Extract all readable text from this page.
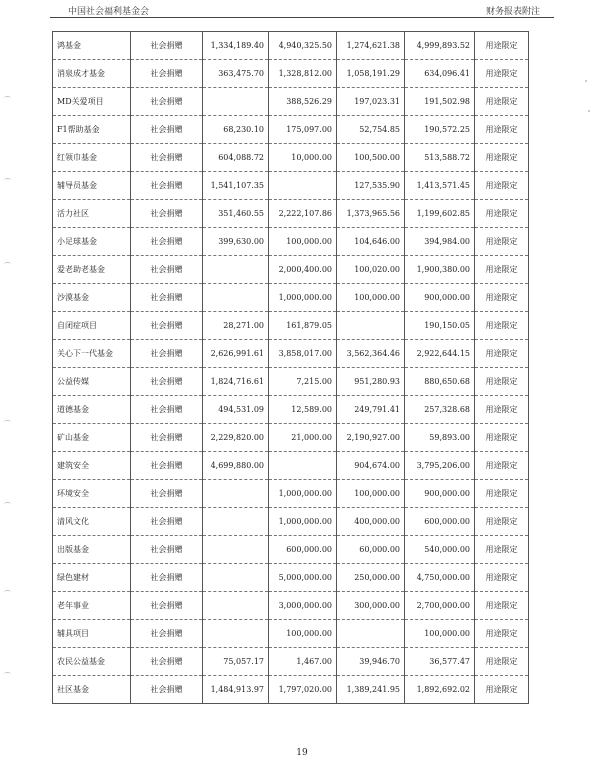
中国社会福利基金会	财务报表附注
鸿基金	社会捐赠	1,334,189.40	4,940,325.50	1,274,621.38	4,999,893.52	用途限定
消泉成才基金	社会捐赠	363,475.70	1,328,812.00	1,058,191.29	634,096.41	用途限定
MD关爱项目	社会捐赠		388,526.29	197,023.31	191,502.98	用途限定
F1帮助基金	社会捐赠	68,230.10	175,097.00	52,754.85	190,572.25	用途限定
红领巾基金	社会捐赠	604,088.72	10,000.00	100,500.00	513,588.72	用途限定
辅导员基金	社会捐赠	1,541,107.35		127,535.90	1,413,571.45	用途限定
活力社区	社会捐赠	351,460.55	2,222,107.86	1,373,965.56	1,199,602.85	用途限定
小足球基金	社会捐赠	399,630.00	100,000.00	104,646.00	394,984.00	用途限定
爱老助老基金	社会捐赠		2,000,400.00	100,020.00	1,900,380.00	用途限定
沙漠基金	社会捐赠		1,000,000.00	100,000.00	900,000.00	用途限定
自闭症项目	社会捐赠	28,271.00	161,879.05		190,150.05	用途限定
关心下一代基金	社会捐赠	2,626,991.61	3,858,017.00	3,562,364.46	2,922,644.15	用途限定
公益传媒	社会捐赠	1,824,716.61	7,215.00	951,280.93	880,650.68	用途限定
道德基金	社会捐赠	494,531.09	12,589.00	249,791.41	257,328.68	用途限定
矿山基金	社会捐赠	2,229,820.00	21,000.00	2,190,927.00	59,893.00	用途限定
建筑安全	社会捐赠	4,699,880.00		904,674.00	3,795,206.00	用途限定
环境安全	社会捐赠		1,000,000.00	100,000.00	900,000.00	用途限定
清风文化	社会捐赠		1,000,000.00	400,000.00	600,000.00	用途限定
出版基金	社会捐赠		600,000.00	60,000.00	540,000.00	用途限定
绿色建材	社会捐赠		5,000,000.00	250,000.00	4,750,000.00	用途限定
老年事业	社会捐赠		3,000,000.00	300,000.00	2,700,000.00	用途限定
辅具项目	社会捐赠		100,000.00		100,000.00	用途限定
农民公益基金	社会捐赠	75,057.17	1,467.00	39,946.70	36,577.47	用途限定
社区基金	社会捐赠	1,484,913.97	1,797,020.00	1,389,241.95	1,892,692.02	用途限定
19
